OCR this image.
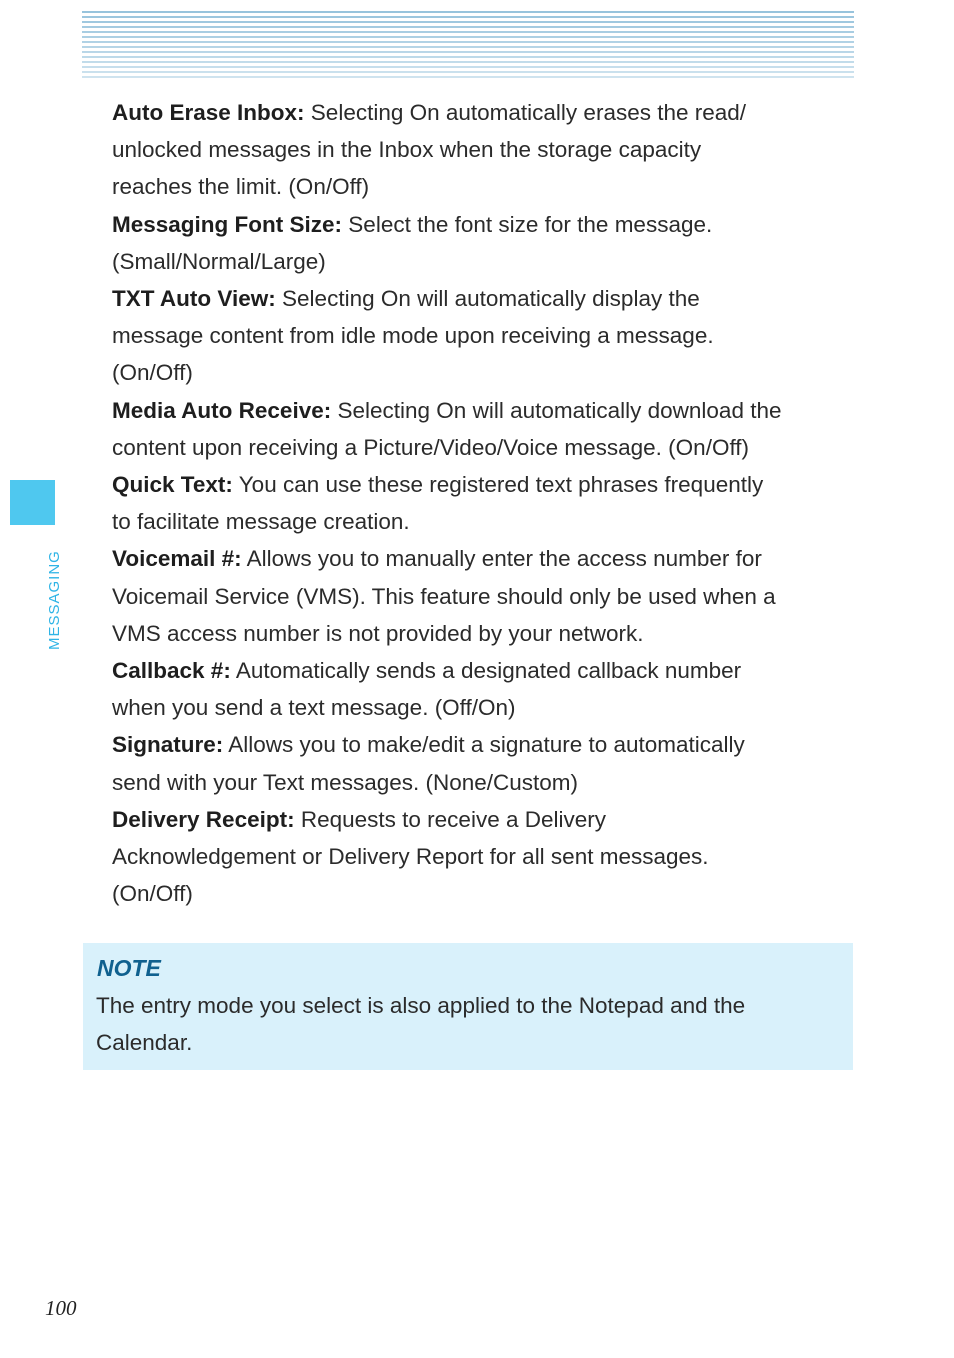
MESSAGING

Auto Erase Inbox: Selecting On automatically erases the read/
unlocked messages in the Inbox when the storage capacity
reaches the limit. (On/Off)

Messaging Font Size: Select the font size for the message.
(Small/Normal/Large)

TXT Auto View: Selecting On will automatically display the
message content from idle mode upon receiving a message.
(On/Off)

Media Auto Receive: Selecting On will automatically download the
content upon receiving a Picture/Video/Voice message. (On/Off)

Quick Text: You can use these registered text phrases frequently
to facilitate message creation.

Voicemail #: Allows you to manually enter the access number for
Voicemail Service (VMS). This feature should only be used when a
VMS access number is not provided by your network.

Callback #: Automatically sends a designated callback number
when you send a text message. (Off/On)

Signature: Allows you to make/edit a signature to automatically
send with your Text messages. (None/Custom)

Delivery Receipt: Requests to receive a Delivery
Acknowledgement or Delivery Report for all sent messages.
(On/Off)

NOTE
The entry mode you select is also applied to the Notepad and the
Calendar.
100
